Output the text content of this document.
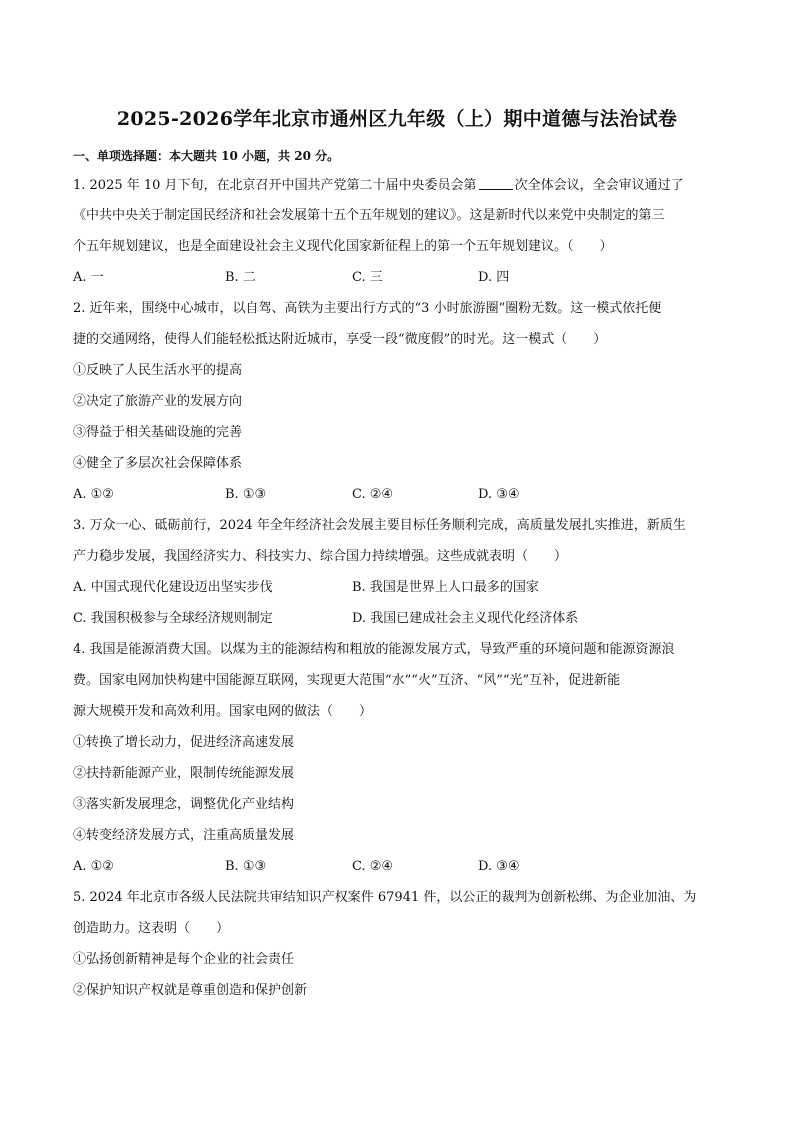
2025-2026学年北京市通州区九年级（上）期中道德与法治试卷
一、单项选择题：本大题共 10 小题，共 20 分。
1. 2025 年 10 月下旬，在北京召开中国共产党第二十届中央委员会第	次全体会议，全会审议通过了
《中共中央关于制定国民经济和社会发展第十五个五年规划的建议》。这是新时代以来党中央制定的第三
个五年规划建议，也是全面建设社会主义现代化国家新征程上的第一个五年规划建议。（　　）
A. 一	B. 二	C. 三	D. 四
2. 近年来，围绕中心城市，以自驾、高铁为主要出行方式的“3 小时旅游圈”圈粉无数。这一模式依托便
捷的交通网络，使得人们能轻松抵达附近城市，享受一段“微度假”的时光。这一模式（　　）
①反映了人民生活水平的提高
②决定了旅游产业的发展方向
③得益于相关基础设施的完善
④健全了多层次社会保障体系
A. ①②	B. ①③	C. ②④	D. ③④
3. 万众一心、砥砺前行，2024 年全年经济社会发展主要目标任务顺利完成，高质量发展扎实推进，新质生
产力稳步发展，我国经济实力、科技实力、综合国力持续增强。这些成就表明（　　）
A. 中国式现代化建设迈出坚实步伐	B. 我国是世界上人口最多的国家
C. 我国积极参与全球经济规则制定	D. 我国已建成社会主义现代化经济体系
4. 我国是能源消费大国。以煤为主的能源结构和粗放的能源发展方式，导致严重的环境问题和能源资源浪
费。国家电网加快构建中国能源互联网，实现更大范围“水”“火”互济、“风”“光”互补，促进新能
源大规模开发和高效利用。国家电网的做法（　　）
①转换了增长动力，促进经济高速发展
②扶持新能源产业，限制传统能源发展
③落实新发展理念，调整优化产业结构
④转变经济发展方式，注重高质量发展
A. ①②	B. ①③	C. ②④	D. ③④
5. 2024 年北京市各级人民法院共审结知识产权案件 67941 件，以公正的裁判为创新松绑、为企业加油、为
创造助力。这表明（　　）
①弘扬创新精神是每个企业的社会责任
②保护知识产权就是尊重创造和保护创新
